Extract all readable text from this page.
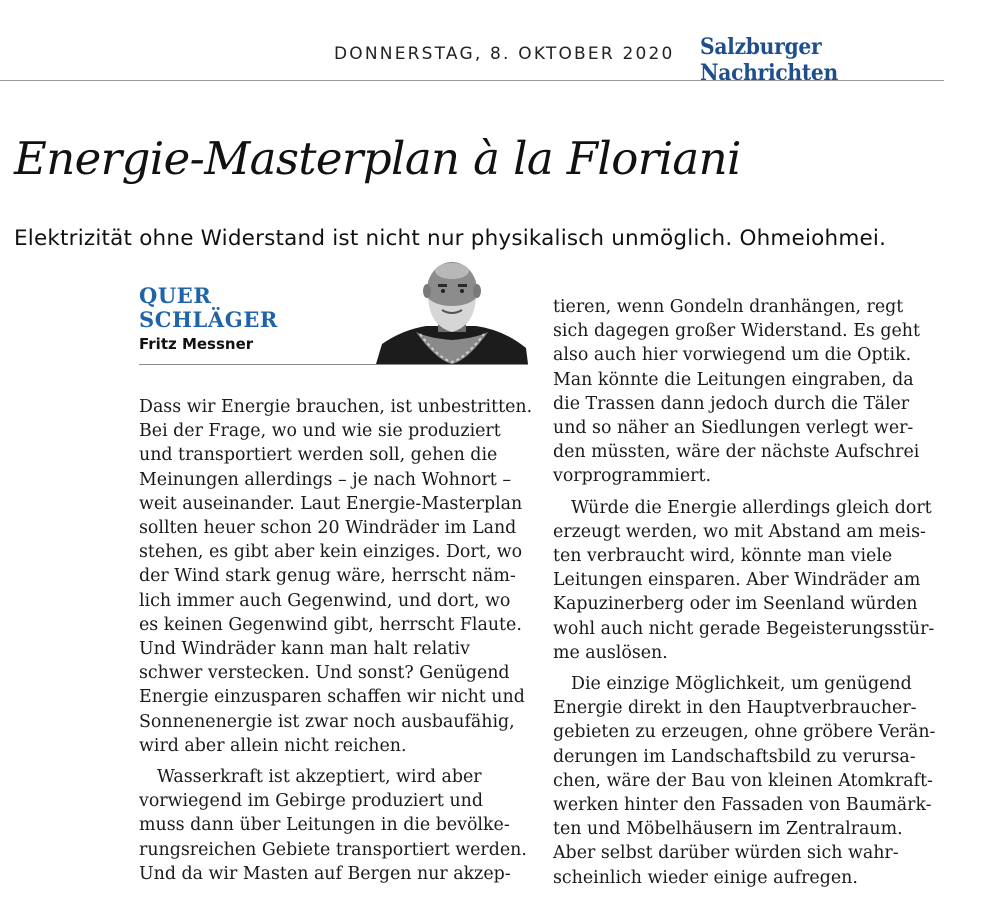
DONNERSTAG, 8. OKTOBER 2020 Salzburger Nachrichten
Energie-Masterplan à la Floriani
Elektrizität ohne Widerstand ist nicht nur physikalisch unmöglich. Ohmeiohmei.
QUER
SCHLÄGER
Fritz Messner
Dass wir Energie brauchen, ist unbestritten.
Bei der Frage, wo und wie sie produziert
und transportiert werden soll, gehen die
Meinungen allerdings – je nach Wohnort –
weit auseinander. Laut Energie-Masterplan
sollten heuer schon 20 Windräder im Land
stehen, es gibt aber kein einziges. Dort, wo
der Wind stark genug wäre, herrscht näm-
lich immer auch Gegenwind, und dort, wo
es keinen Gegenwind gibt, herrscht Flaute.
Und Windräder kann man halt relativ
schwer verstecken. Und sonst? Genügend
Energie einzusparen schaffen wir nicht und
Sonnenenergie ist zwar noch ausbaufähig,
wird aber allein nicht reichen.
Wasserkraft ist akzeptiert, wird aber
vorwiegend im Gebirge produziert und
muss dann über Leitungen in die bevölke-
rungsreichen Gebiete transportiert werden.
Und da wir Masten auf Bergen nur akzep-
tieren, wenn Gondeln dranhängen, regt
sich dagegen großer Widerstand. Es geht
also auch hier vorwiegend um die Optik.
Man könnte die Leitungen eingraben, da
die Trassen dann jedoch durch die Täler
und so näher an Siedlungen verlegt wer-
den müssten, wäre der nächste Aufschrei
vorprogrammiert.
Würde die Energie allerdings gleich dort
erzeugt werden, wo mit Abstand am meis-
ten verbraucht wird, könnte man viele
Leitungen einsparen. Aber Windräder am
Kapuzinerberg oder im Seenland würden
wohl auch nicht gerade Begeisterungsstür-
me auslösen.
Die einzige Möglichkeit, um genügend
Energie direkt in den Hauptverbraucher-
gebieten zu erzeugen, ohne gröbere Verän-
derungen im Landschaftsbild zu verursa-
chen, wäre der Bau von kleinen Atomkraft-
werken hinter den Fassaden von Baumärk-
ten und Möbelhäusern im Zentralraum.
Aber selbst darüber würden sich wahr-
scheinlich wieder einige aufregen.
